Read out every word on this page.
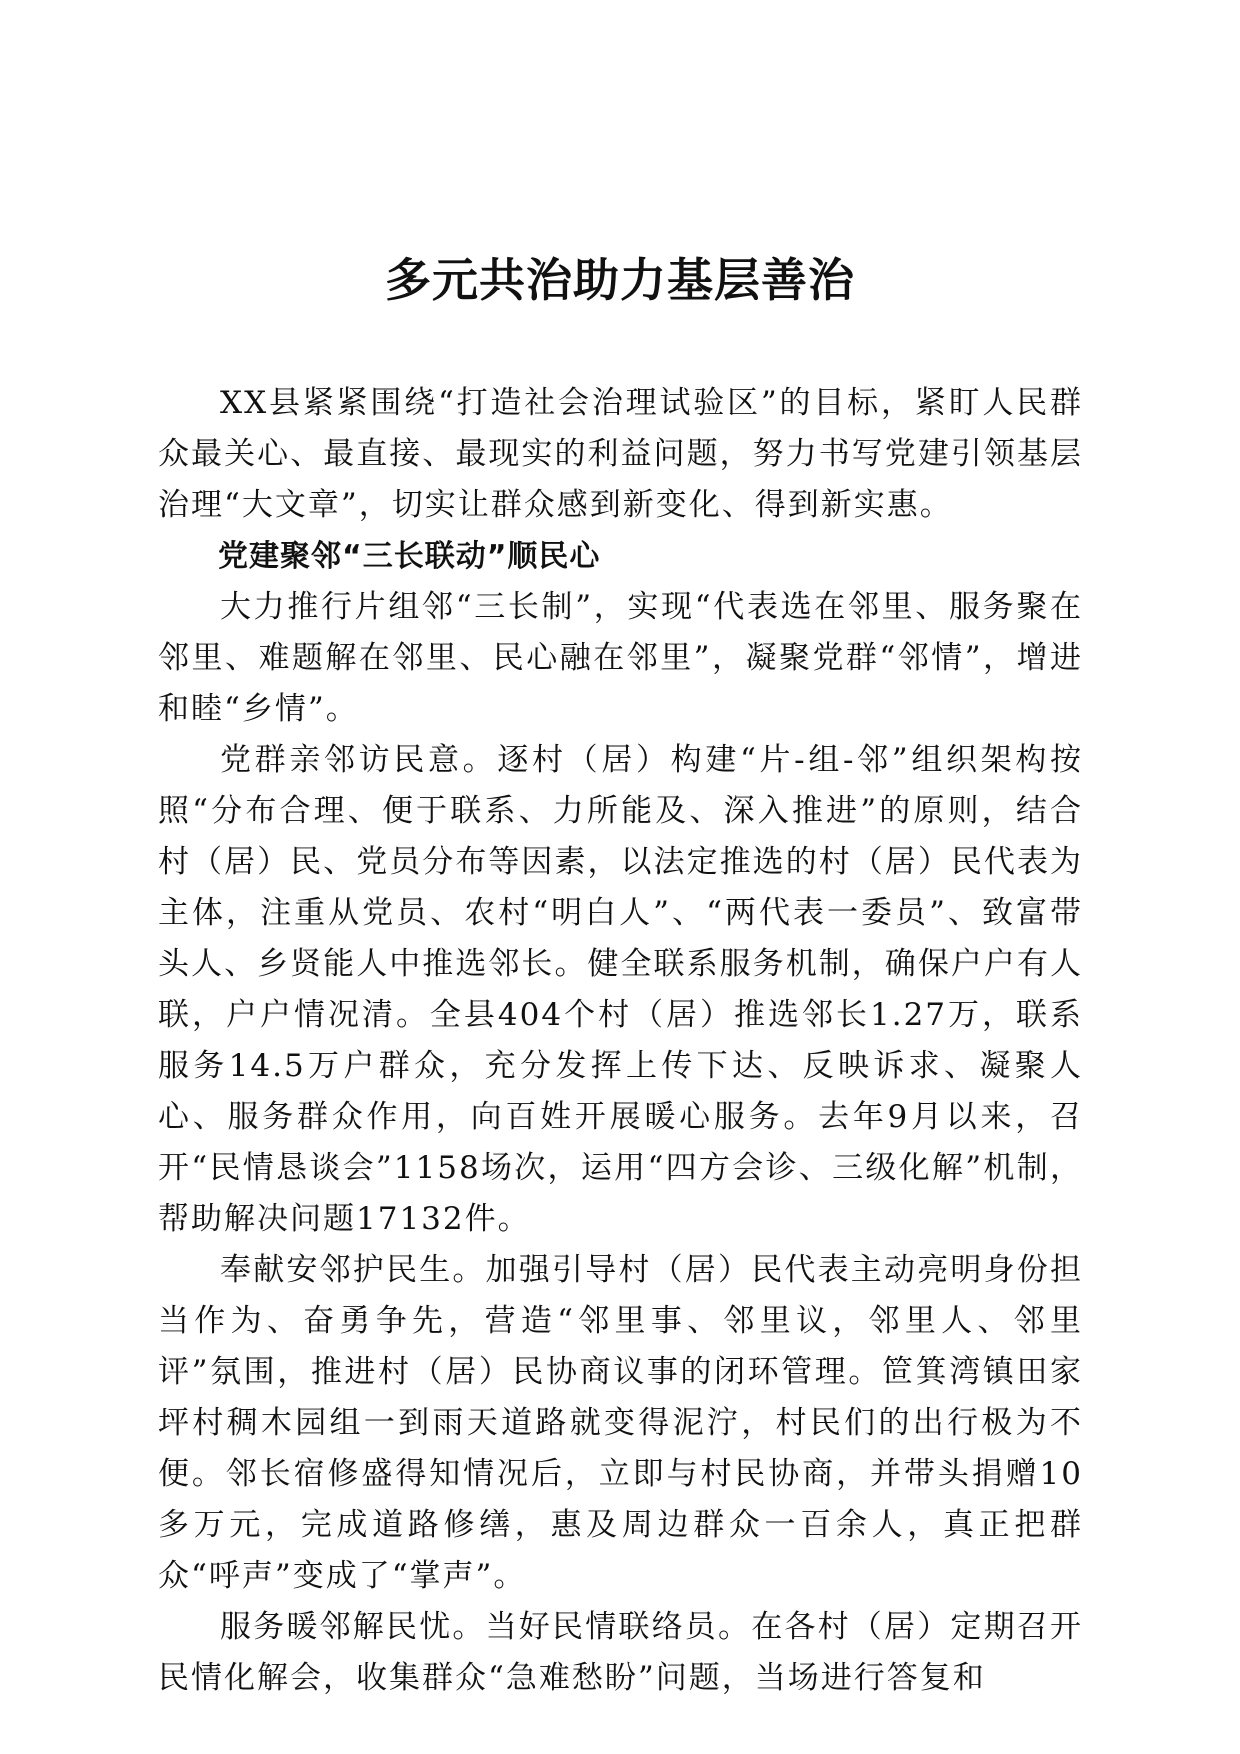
多元共治助力基层善治

XX县紧紧围绕“打造社会治理试验区”的目标，紧盯人民群众最关心、最直接、最现实的利益问题，努力书写党建引领基层治理“大文章”，切实让群众感到新变化、得到新实惠。

党建聚邻“三长联动”顺民心

大力推行片组邻“三长制”，实现“代表选在邻里、服务聚在邻里、难题解在邻里、民心融在邻里”，凝聚党群“邻情”，增进和睦“乡情”。

党群亲邻访民意。逐村（居）构建“片-组-邻”组织架构按照“分布合理、便于联系、力所能及、深入推进”的原则，结合村（居）民、党员分布等因素，以法定推选的村（居）民代表为主体，注重从党员、农村“明白人”、“两代表一委员”、致富带头人、乡贤能人中推选邻长。健全联系服务机制，确保户户有人联，户户情况清。全县404个村（居）推选邻长1.27万，联系服务14.5万户群众，充分发挥上传下达、反映诉求、凝聚人心、服务群众作用，向百姓开展暖心服务。去年9月以来，召开“民情恳谈会”1158场次，运用“四方会诊、三级化解”机制，帮助解决问题17132件。

奉献安邻护民生。加强引导村（居）民代表主动亮明身份担当作为、奋勇争先，营造“邻里事、邻里议，邻里人、邻里评”氛围，推进村（居）民协商议事的闭环管理。笸箕湾镇田家坪村稠木园组一到雨天道路就变得泥泞，村民们的出行极为不便。邻长宿修盛得知情况后，立即与村民协商，并带头捐赠10多万元，完成道路修缮，惠及周边群众一百余人，真正把群众“呼声”变成了“掌声”。

服务暖邻解民忧。当好民情联络员。在各村（居）定期召开民情化解会，收集群众“急难愁盼”问题，当场进行答复和
